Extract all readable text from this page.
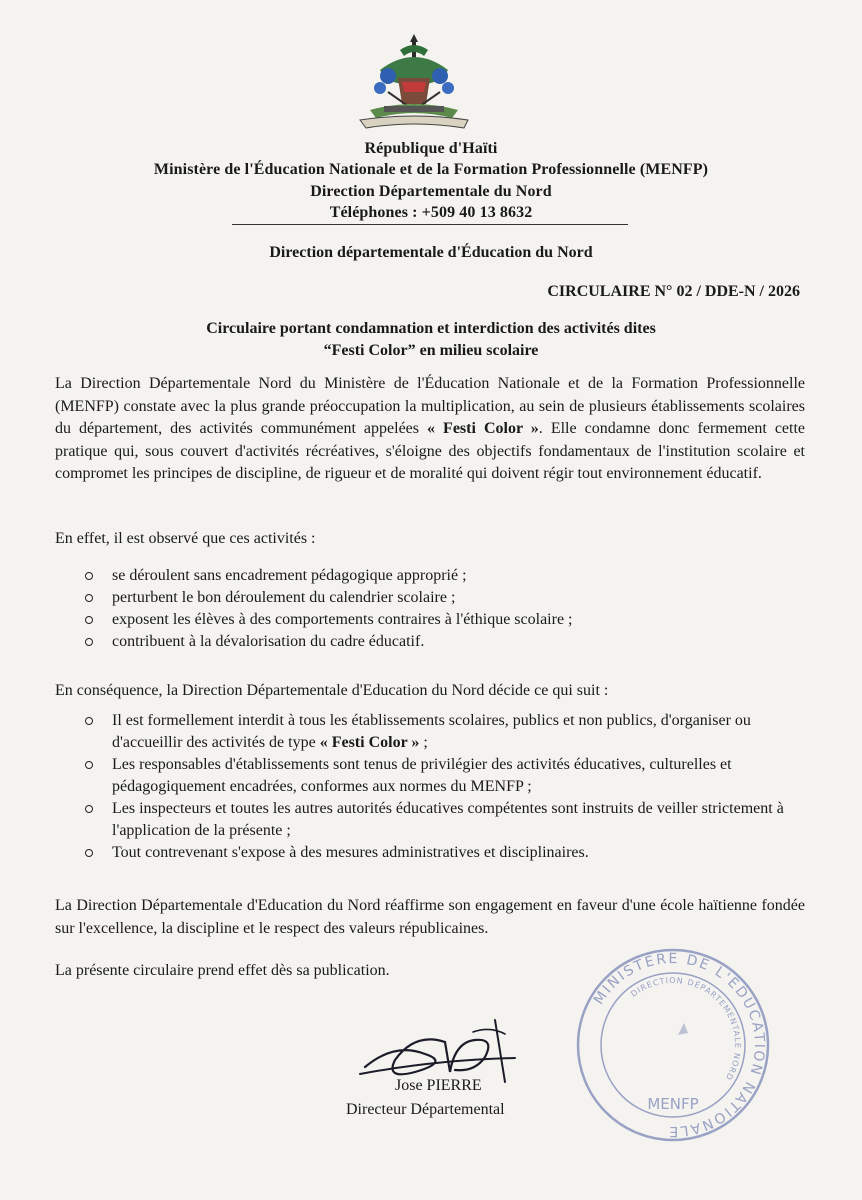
République d'Haïti
Ministère de l'Éducation Nationale et de la Formation Professionnelle (MENFP)
Direction Départementale du Nord
Téléphones : +509 40 13 8632
Direction départementale d'Éducation du Nord
CIRCULAIRE N° 02 / DDE-N / 2026
Circulaire portant condamnation et interdiction des activités dites
“Festi Color” en milieu scolaire
La Direction Départementale Nord du Ministère de l'Éducation Nationale et de la Formation Professionnelle (MENFP) constate avec la plus grande préoccupation la multiplication, au sein de plusieurs établissements scolaires du département, des activités communément appelées « Festi Color ». Elle condamne donc fermement cette pratique qui, sous couvert d'activités récréatives, s'éloigne des objectifs fondamentaux de l'institution scolaire et compromet les principes de discipline, de rigueur et de moralité qui doivent régir tout environnement éducatif.
En effet, il est observé que ces activités :
se déroulent sans encadrement pédagogique approprié ;
perturbent le bon déroulement du calendrier scolaire ;
exposent les élèves à des comportements contraires à l'éthique scolaire ;
contribuent à la dévalorisation du cadre éducatif.
En conséquence, la Direction Départementale d'Education du Nord décide ce qui suit :
Il est formellement interdit à tous les établissements scolaires, publics et non publics, d'organiser ou d'accueillir des activités de type « Festi Color » ;
Les responsables d'établissements sont tenus de privilégier des activités éducatives, culturelles et pédagogiquement encadrées, conformes aux normes du MENFP ;
Les inspecteurs et toutes les autres autorités éducatives compétentes sont instruits de veiller strictement à l'application de la présente ;
Tout contrevenant s'expose à des mesures administratives et disciplinaires.
La Direction Départementale d'Education du Nord réaffirme son engagement en faveur d'une école haïtienne fondée sur l'excellence, la discipline et le respect des valeurs républicaines.
La présente circulaire prend effet dès sa publication.
MINISTÈRE DE L'ÉDUCATION NATIONALE
DIRECTION DÉPARTEMENTALE NORD
MENFP
Jose PIERRE
Directeur Départemental
